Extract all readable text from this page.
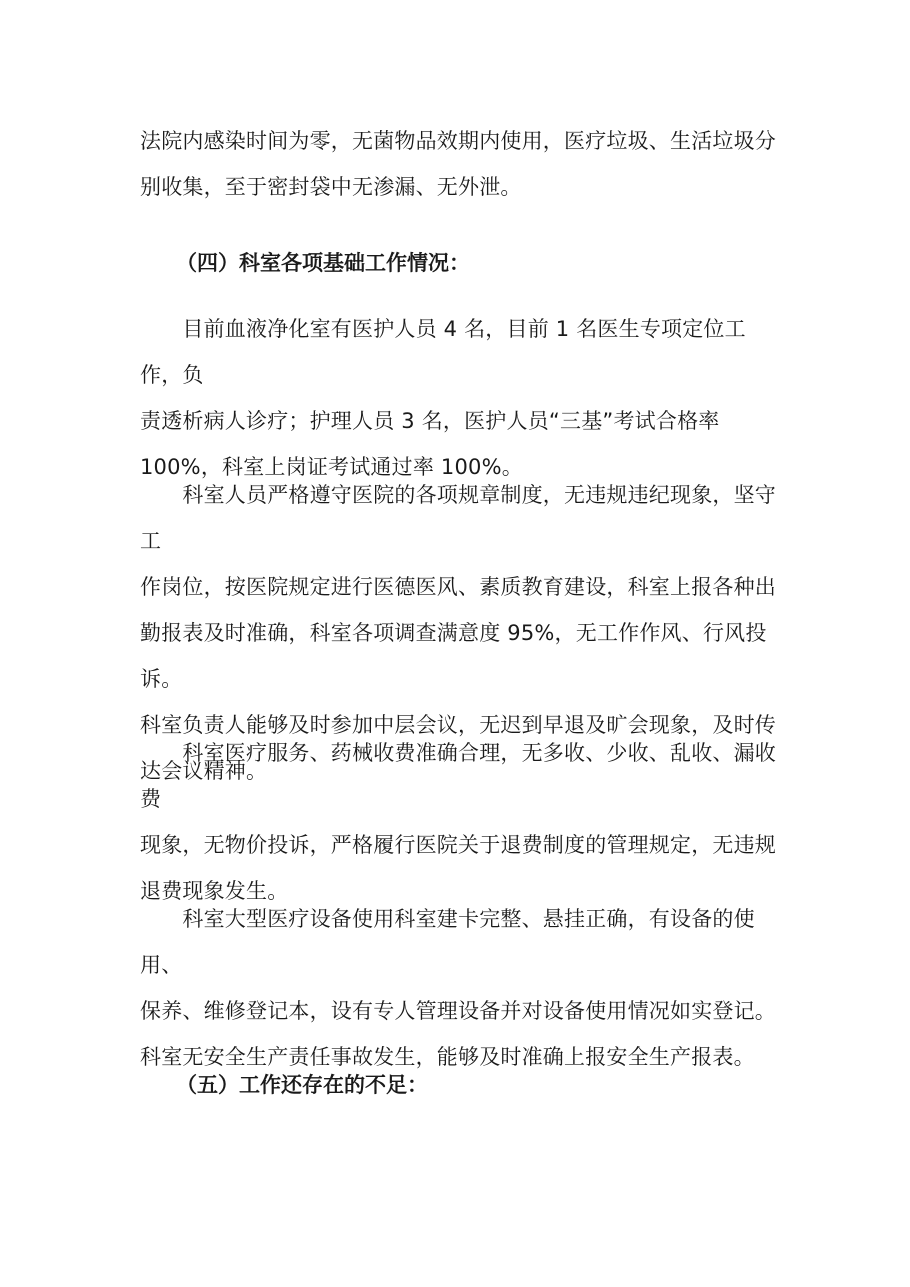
法院内感染时间为零，无菌物品效期内使用，医疗垃圾、生活垃圾分
别收集，至于密封袋中无渗漏、无外泄。
（四）科室各项基础工作情况：
　　目前血液净化室有医护人员 4 名，目前 1 名医生专项定位工作，负
责透析病人诊疗；护理人员 3 名，医护人员“三基”考试合格率
100%，科室上岗证考试通过率 100%。
　　科室人员严格遵守医院的各项规章制度，无违规违纪现象，坚守工
作岗位，按医院规定进行医德医风、素质教育建设，科室上报各种出
勤报表及时准确，科室各项调查满意度 95%，无工作作风、行风投诉。
科室负责人能够及时参加中层会议，无迟到早退及旷会现象，及时传
达会议精神。
　　科室医疗服务、药械收费准确合理，无多收、少收、乱收、漏收费
现象，无物价投诉，严格履行医院关于退费制度的管理规定，无违规
退费现象发生。
　　科室大型医疗设备使用科室建卡完整、悬挂正确，有设备的使用、
保养、维修登记本，设有专人管理设备并对设备使用情况如实登记。
科室无安全生产责任事故发生，能够及时准确上报安全生产报表。
（五）工作还存在的不足：
